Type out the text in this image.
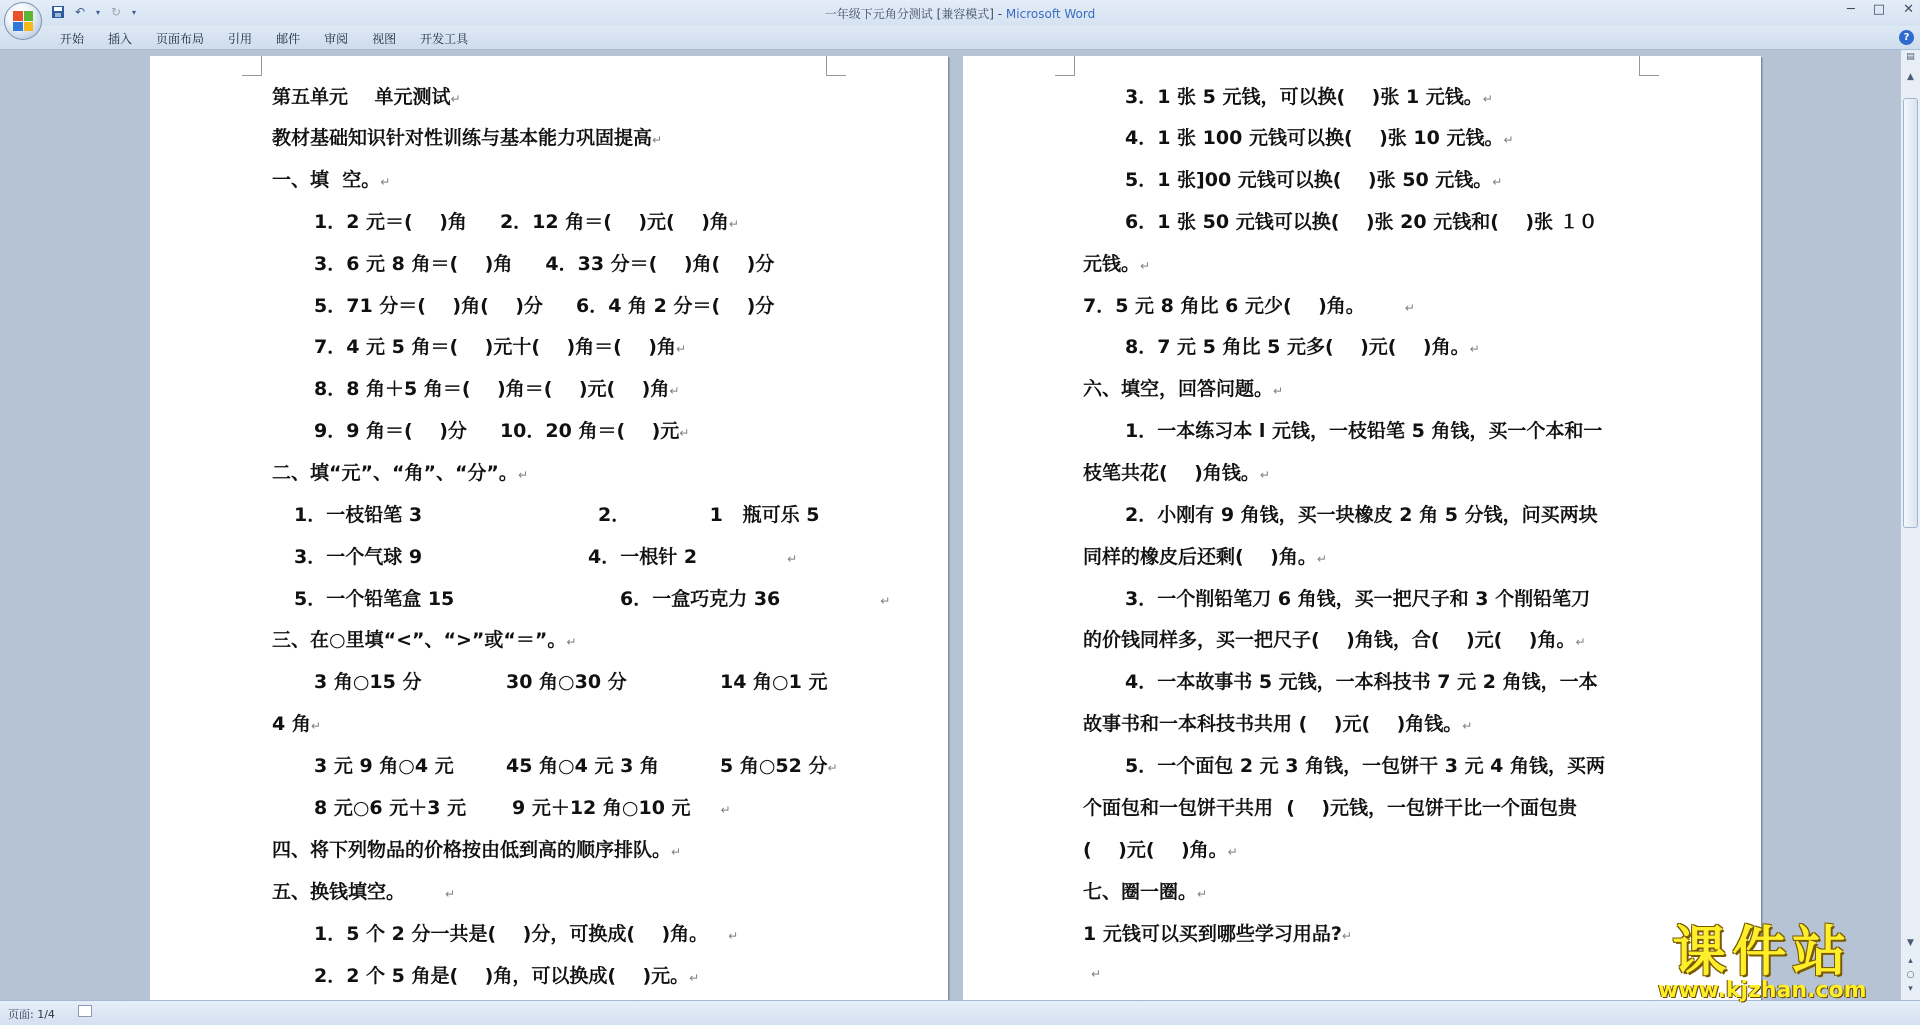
↶	▾ ↻	▾	一年级下元角分测试 [兼容模式] - Microsoft Word	─ □ ✕
开始	插入	页面布局	引用	邮件	审阅	视图	开发工具	?
第五单元    单元测试↵
教材基础知识针对性训练与基本能力巩固提高↵
一、填  空。↵
1．2 元＝(    )角     2．12 角＝(    )元(    )角↵
3．6 元 8 角＝(    )角     4．33 分＝(    )角(    )分
5．71 分＝(    )角(    )分     6．4 角 2 分＝(    )分
7．4 元 5 角＝(    )元十(    )角＝(    )角↵
8．8 角＋5 角＝(    )角＝(    )元(    )角↵
9．9 角＝(    )分     10．20 角＝(    )元↵
二、填“元”、“角”、“分”。↵
1．一枝铅笔 3	2．            1   瓶可乐 5
3．一个气球 9	4．一根针 2	↵
5．一个铅笔盒 15	6．一盒巧克力 36	↵
三、在○里填“<”、“>”或“＝”。↵
3 角○15 分	30 角○30 分	14 角○1 元
4 角↵
3 元 9 角○4 元	45 角○4 元 3 角	5 角○52 分↵
8 元○6 元＋3 元 9 元＋12 角○10 元	↵
四、将下列物品的价格按由低到高的顺序排队。↵
五、换钱填空。	↵
1．5 个 2 分一共是(    )分，可换成(    )角。 ↵
2．2 个 5 角是(    )角，可以换成(    )元。↵
3．1 张 5 元钱，可以换(    )张 1 元钱。↵
4．1 张 100 元钱可以换(    )张 10 元钱。↵
5．1 张]00 元钱可以换(    )张 50 元钱。↵
6．1 张 50 元钱可以换(    )张 20 元钱和(    )张 １０
元钱。↵
7．5 元 8 角比 6 元少(    )角。	↵
8．7 元 5 角比 5 元多(    )元(    )角。↵
六、填空，回答问题。↵
1．一本练习本 l 元钱，一枝铅笔 5 角钱，买一个本和一
枝笔共花(    )角钱。↵
2．小刚有 9 角钱，买一块橡皮 2 角 5 分钱，问买两块
同样的橡皮后还剩(    )角。↵
3．一个削铅笔刀 6 角钱，买一把尺子和 3 个削铅笔刀
的价钱同样多，买一把尺子(    )角钱，合(    )元(    )角。↵
4．一本故事书 5 元钱，一本科技书 7 元 2 角钱，一本
故事书和一本科技书共用 (    )元(    )角钱。↵
5．一个面包 2 元 3 角钱，一包饼干 3 元 4 角钱，买两
个面包和一包饼干共用  (    )元钱，一包饼干比一个面包贵
(    )元(    )角。↵
七、圈一圈。↵
1 元钱可以买到哪些学习用品?↵
↵
▤
▲
▼
▴
○
▾
页面: 1/4
课件站
www.kjzhan.com
